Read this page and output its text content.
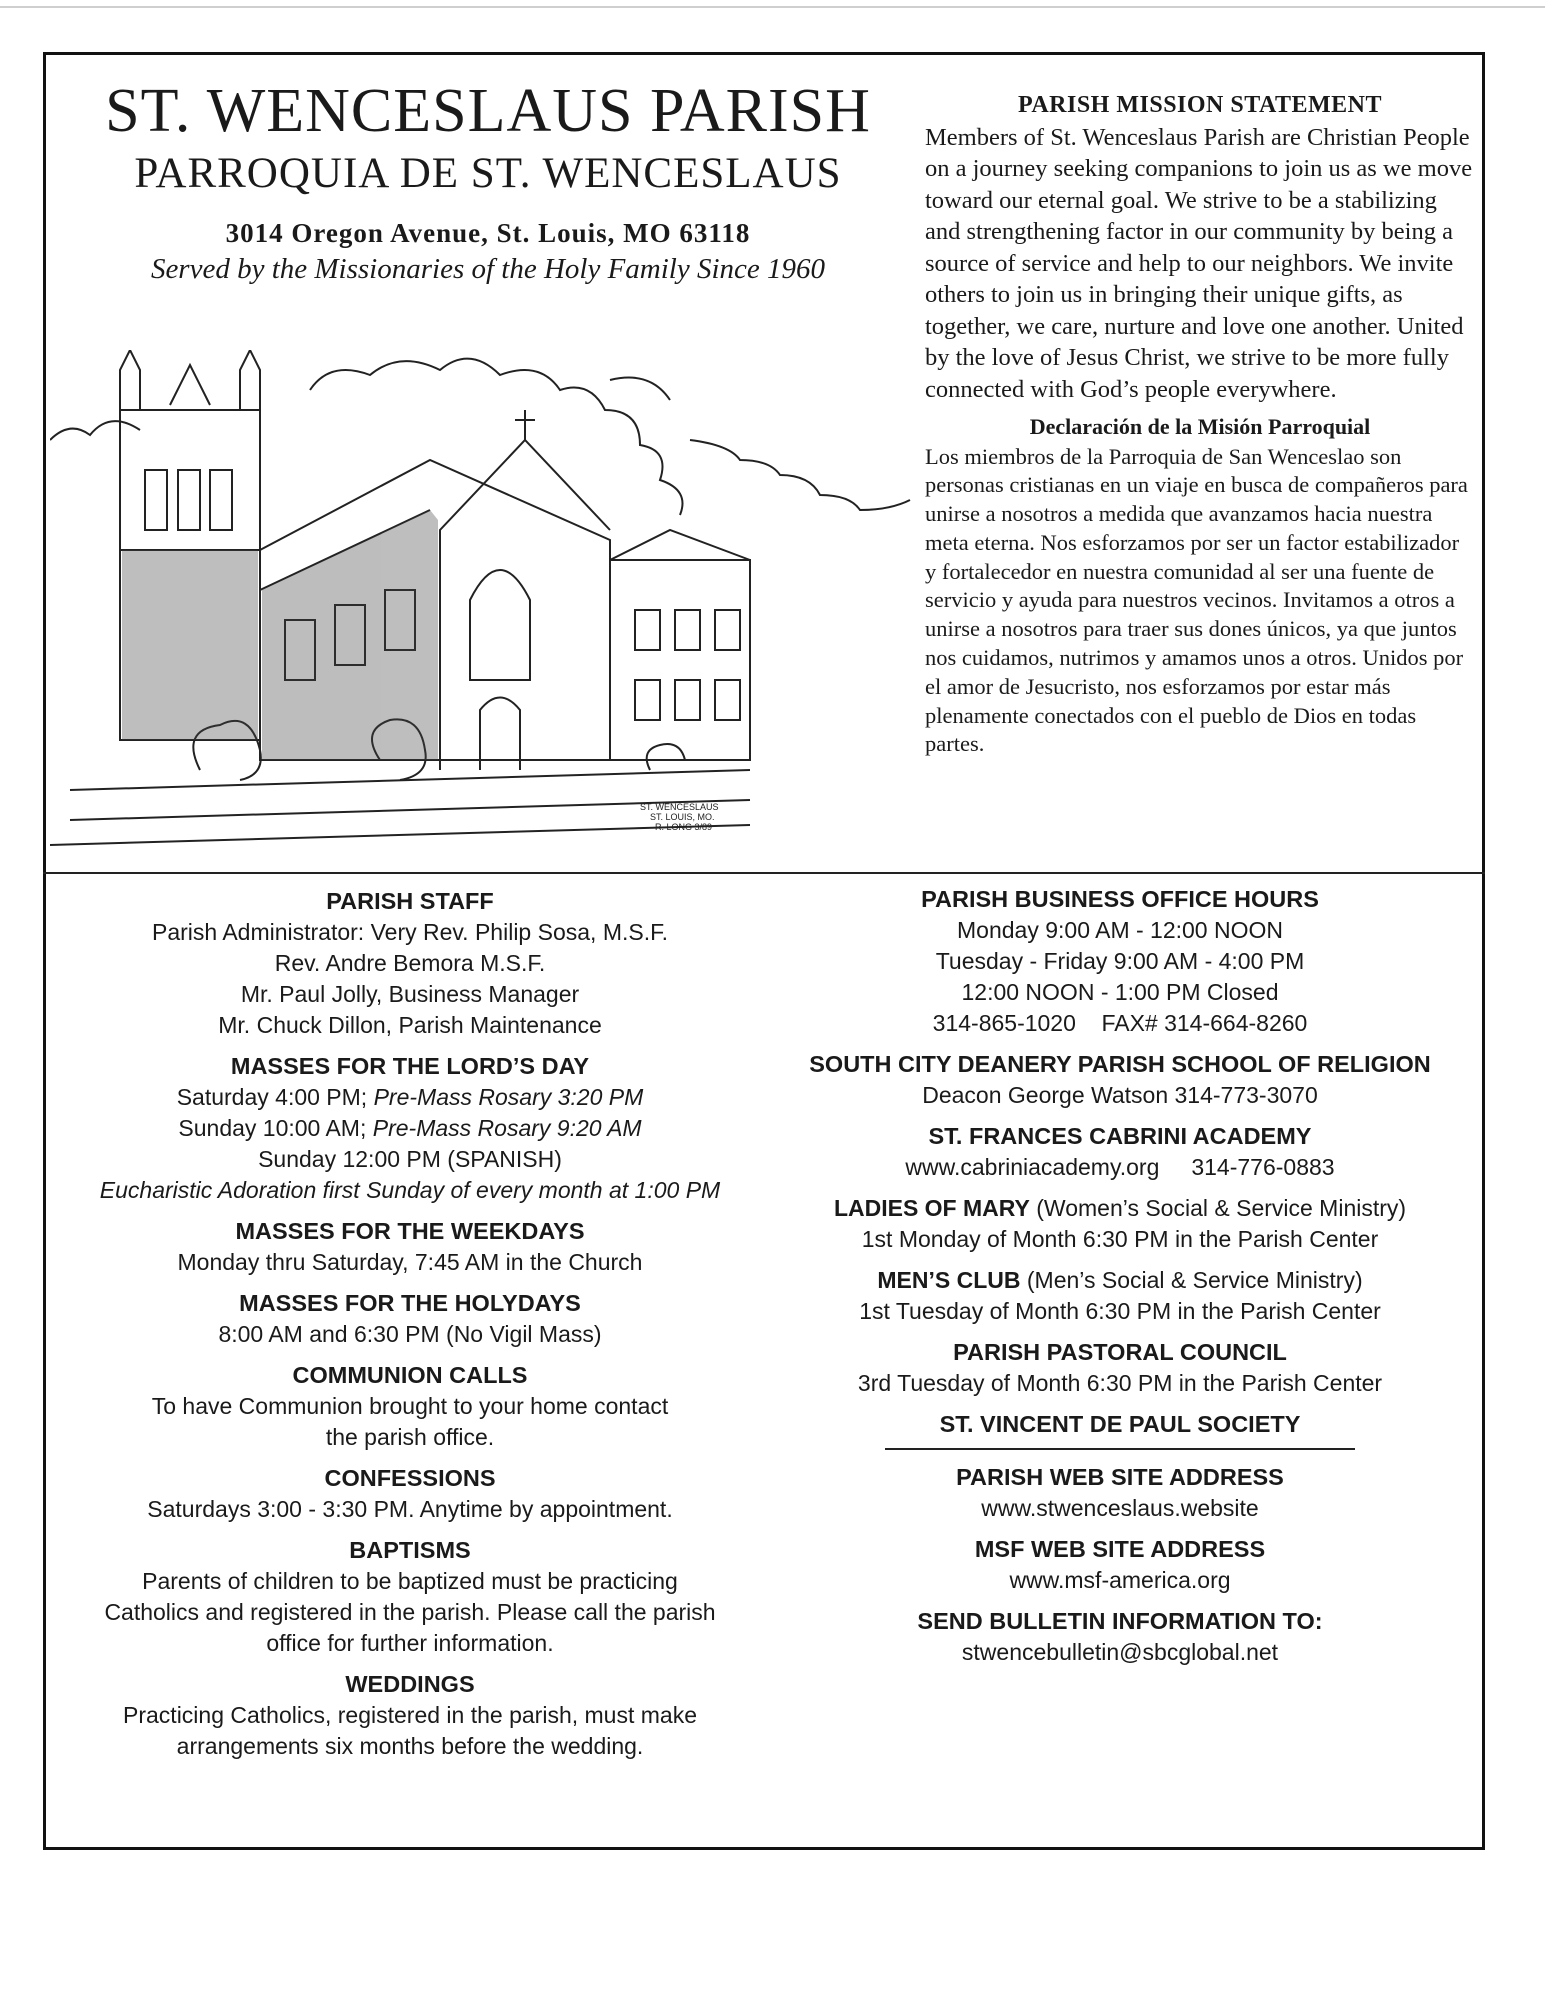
ST. WENCESLAUS PARISH
PARROQUIA DE ST. WENCESLAUS
3014 Oregon Avenue, St. Louis, MO 63118
Served by the Missionaries of the Holy Family Since 1960
ST. WENCESLAUS
ST. LOUIS, MO.
R. LONG 3/89
PARISH MISSION STATEMENT

Members of St. Wenceslaus Parish are Christian People on a journey seeking companions to join us as we move toward our eternal goal. We strive to be a stabilizing and strengthening factor in our community by being a source of service and help to our neighbors. We invite others to join us in bringing their unique gifts, as together, we care, nurture and love one another. United by the love of Jesus Christ, we strive to be more fully connected with God’s people everywhere.

Declaración de la Misión Parroquial

Los miembros de la Parroquia de San Wenceslao son personas cristianas en un viaje en busca de compañeros para unirse a nosotros a medida que avanzamos hacia nuestra meta eterna. Nos esforzamos por ser un factor estabilizador y fortalecedor en nuestra comunidad al ser una fuente de servicio y ayuda para nuestros vecinos. Invitamos a otros a unirse a nosotros para traer sus dones únicos, ya que juntos nos cuidamos, nutrimos y amamos unos a otros. Unidos por el amor de Jesucristo, nos esforzamos por estar más plenamente conectados con el pueblo de Dios en todas partes.

PARISH STAFF
Parish Administrator: Very Rev. Philip Sosa, M.S.F.
Rev. Andre Bemora M.S.F.
Mr. Paul Jolly, Business Manager
Mr. Chuck Dillon, Parish Maintenance
MASSES FOR THE LORD’S DAY
Saturday 4:00 PM; Pre-Mass Rosary 3:20 PM
Sunday 10:00 AM; Pre-Mass Rosary 9:20 AM
Sunday 12:00 PM (SPANISH)
Eucharistic Adoration first Sunday of every month at 1:00 PM
MASSES FOR THE WEEKDAYS
Monday thru Saturday, 7:45 AM in the Church
MASSES FOR THE HOLYDAYS
8:00 AM and 6:30 PM (No Vigil Mass)
COMMUNION CALLS
To have Communion brought to your home contact
the parish office.
CONFESSIONS
Saturdays 3:00 - 3:30 PM. Anytime by appointment.
BAPTISMS
Parents of children to be baptized must be practicing
Catholics and registered in the parish. Please call the parish
office for further information.
WEDDINGS
Practicing Catholics, registered in the parish, must make
arrangements six months before the wedding.
PARISH BUSINESS OFFICE HOURS
Monday 9:00 AM - 12:00 NOON
Tuesday - Friday 9:00 AM - 4:00 PM
12:00 NOON - 1:00 PM Closed
314-865-1020 FAX# 314-664-8260
SOUTH CITY DEANERY PARISH SCHOOL OF RELIGION
Deacon George Watson 314-773-3070
ST. FRANCES CABRINI ACADEMY
www.cabriniacademy.org 314-776-0883
LADIES OF MARY (Women’s Social & Service Ministry)
1st Monday of Month 6:30 PM in the Parish Center
MEN’S CLUB (Men’s Social & Service Ministry)
1st Tuesday of Month 6:30 PM in the Parish Center
PARISH PASTORAL COUNCIL
3rd Tuesday of Month 6:30 PM in the Parish Center
ST. VINCENT DE PAUL SOCIETY
PARISH WEB SITE ADDRESS
www.stwenceslaus.website
MSF WEB SITE ADDRESS
www.msf-america.org
SEND BULLETIN INFORMATION TO:
stwencebulletin@sbcglobal.net
